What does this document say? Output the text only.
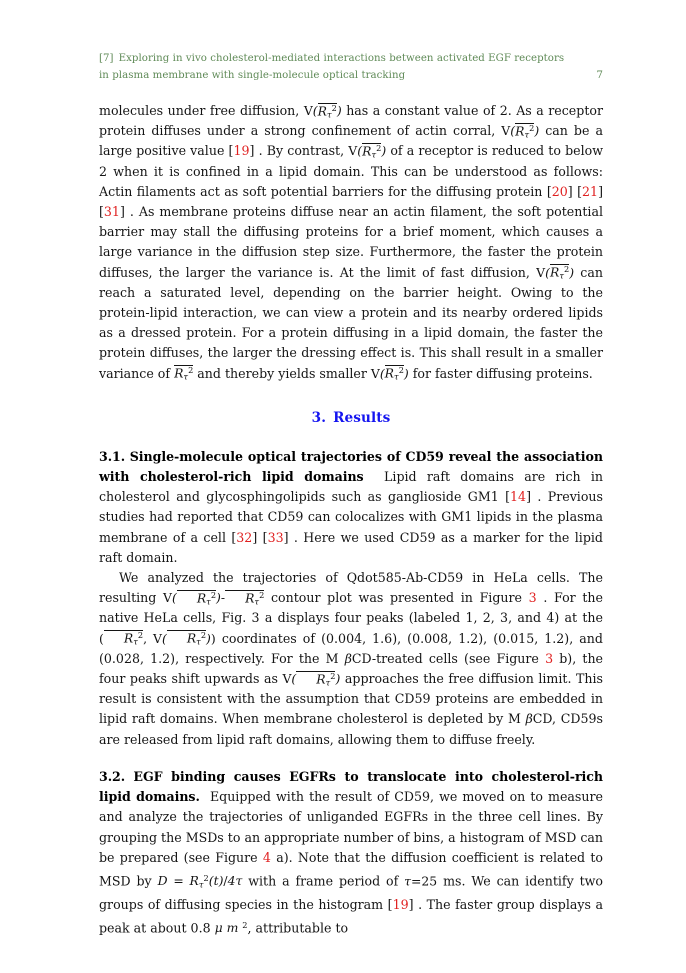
[7] Exploring in vivo cholesterol-mediated interactions between activated EGF receptors
in plasma membrane with single-molecule optical tracking	7

molecules under free diffusion, $V(R_\tau^2)$ has a constant value of 2. As a receptor protein diffuses under a strong confinement of actin corral, $V(R_\tau^2)$ can be a large positive value [19] . By contrast, $V(R_\tau^2)$ of a receptor is reduced to below 2 when it is confined in a lipid domain. This can be understood as follows: Actin filaments act as soft potential barriers for the diffusing protein [20] [21] [31] . As membrane proteins diffuse near an actin filament, the soft potential barrier may stall the diffusing proteins for a brief moment, which causes a large variance in the diffusion step size. Furthermore, the faster the protein diffuses, the larger the variance is. At the limit of fast diffusion, $V(R_\tau^2)$ can reach a saturated level, depending on the barrier height. Owing to the protein-lipid interaction, we can view a protein and its nearby ordered lipids as a dressed protein. For a protein diffusing in a lipid domain, the faster the protein diffuses, the larger the dressing effect is. This shall result in a smaller variance of $R_\tau^2$ and thereby yields smaller $V(R_\tau^2)$ for faster diffusing proteins.

3. Results

3.1. Single-molecule optical trajectories of CD59 reveal the association with cholesterol-rich lipid domains Lipid raft domains are rich in cholesterol and glycosphingolipids such as ganglioside GM1 [14] . Previous studies had reported that CD59 can colocalizes with GM1 lipids in the plasma membrane of a cell [32] [33] . Here we used CD59 as a marker for the lipid raft domain.

We analyzed the trajectories of Qdot585-Ab-CD59 in HeLa cells. The resulting V( $R_\tau^2)-$ $R_\tau^2$ contour plot was presented in Figure 3 . For the native HeLa cells, Fig. 3 a displays four peaks (labeled 1, 2, 3, and 4) at the ( $R_\tau^2$, V( $R_\tau^2$)) coordinates of (0.004, 1.6), (0.008, 1.2), (0.015, 1.2), and (0.028, 1.2), respectively. For the M βCD-treated cells (see Figure 3 b), the four peaks shift upwards as V( $R_\tau^2$) approaches the free diffusion limit. This result is consistent with the assumption that CD59 proteins are embedded in lipid raft domains. When membrane cholesterol is depleted by M βCD, CD59s are released from lipid raft domains, allowing them to diffuse freely.

3.2. EGF binding causes EGFRs to translocate into cholesterol-rich lipid domains. Equipped with the result of CD59, we moved on to measure and analyze the trajectories of unliganded EGFRs in the three cell lines. By grouping the MSDs to an appropriate number of bins, a histogram of MSD can be prepared (see Figure 4 a). Note that the diffusion coefficient is related to MSD by $D = R_\tau^2(t)/4\tau$ with a frame period of τ=25 ms. We can identify two groups of diffusing species in the histogram [19] . The faster group displays a peak at about 0.8 μ m $^2$, attributable to
